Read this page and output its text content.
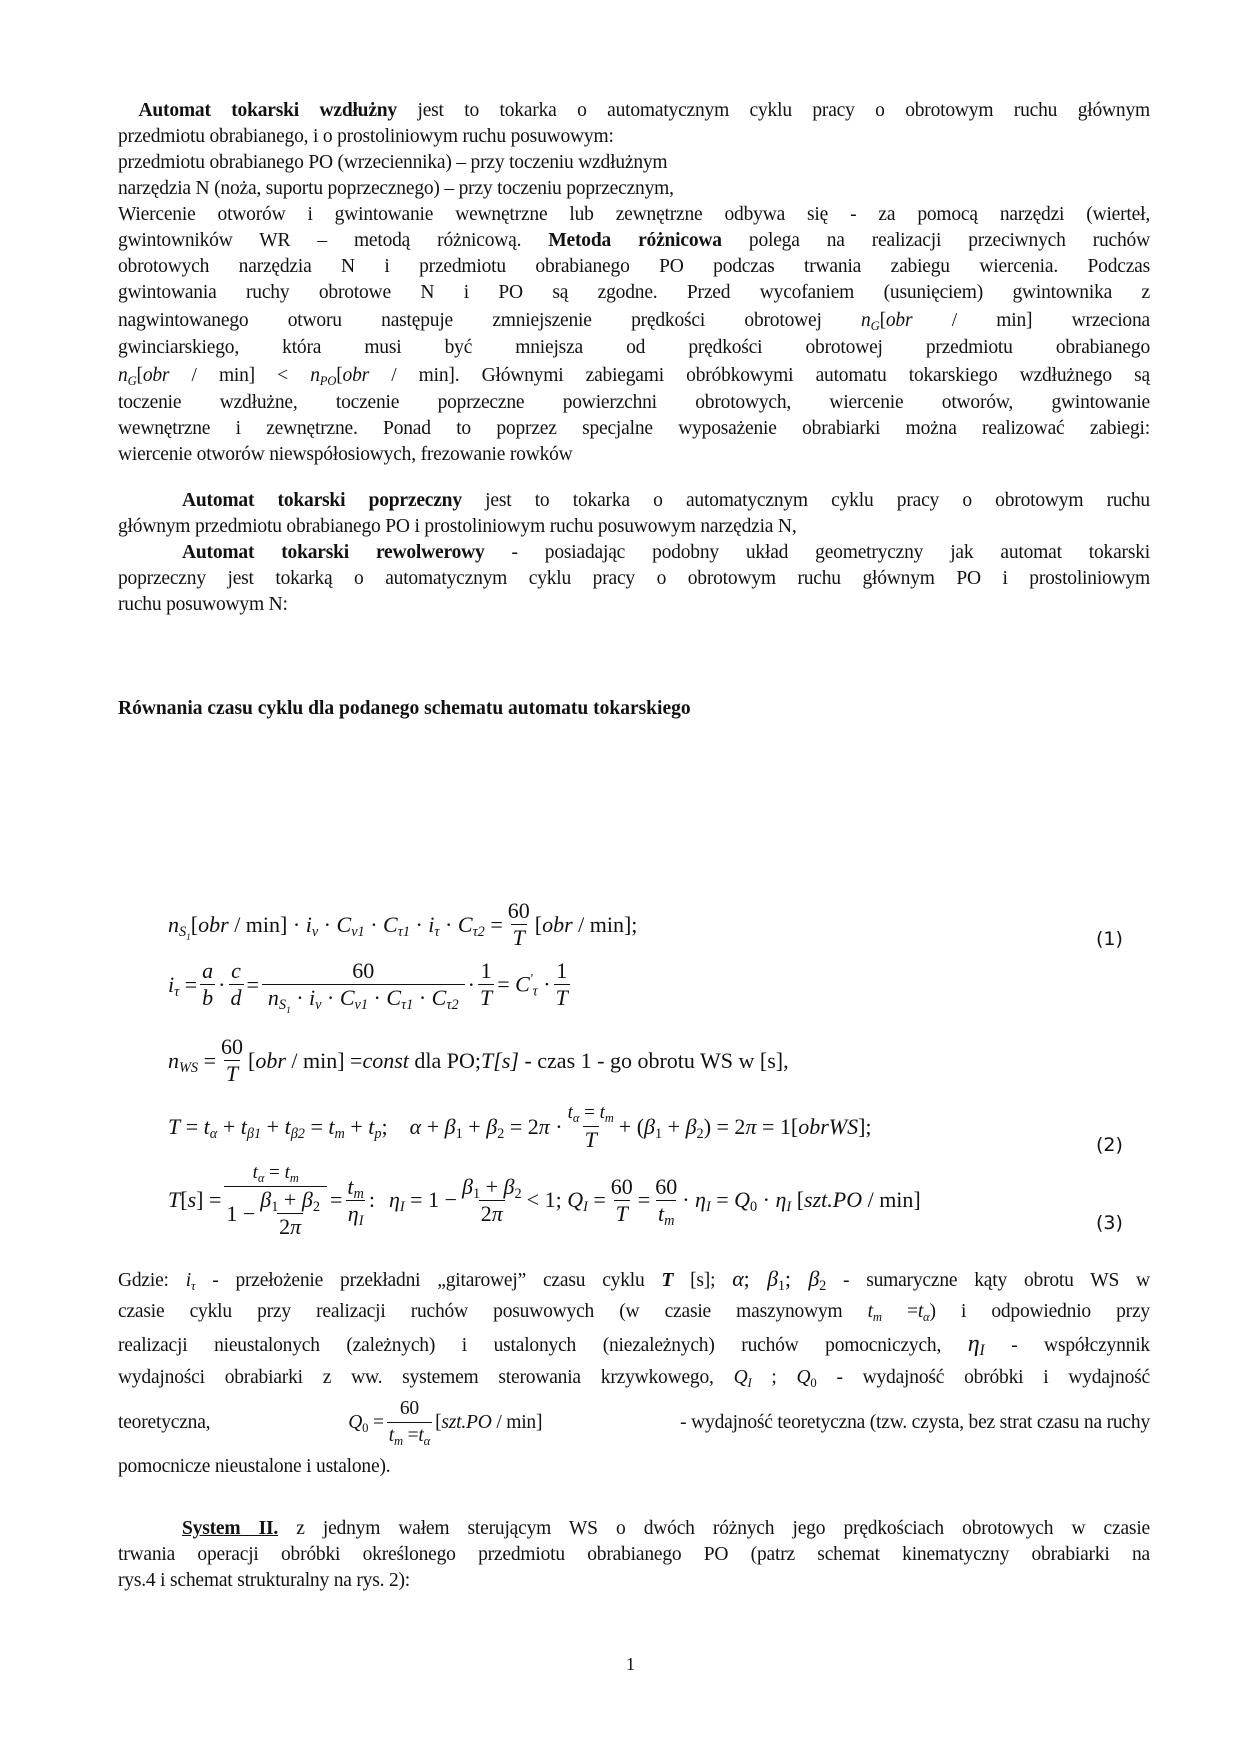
Automat tokarski wzdłużny jest to tokarka o automatycznym cyklu pracy o obrotowym ruchu głównym
przedmiotu obrabianego, i o prostoliniowym ruchu posuwowym:
przedmiotu obrabianego PO (wrzeciennika) – przy toczeniu wzdłużnym
narzędzia N (noża, suportu poprzecznego) – przy toczeniu poprzecznym,
Wiercenie otworów i gwintowanie wewnętrzne lub zewnętrzne odbywa się - za pomocą narzędzi (wierteł,
gwintowników WR – metodą różnicową. Metoda różnicowa polega na realizacji przeciwnych ruchów
obrotowych narzędzia N i przedmiotu obrabianego PO podczas trwania zabiegu wiercenia. Podczas
gwintowania ruchy obrotowe N i PO są zgodne. Przed wycofaniem (usunięciem) gwintownika z
nagwintowanego otworu następuje zmniejszenie prędkości obrotowej $n_G[obr / \min]$ wrzeciona
gwinciarskiego, która musi być mniejsza od prędkości obrotowej przedmiotu obrabianego
$n_G[obr / \min] < n_{PO}[obr / \min]$. Głównymi zabiegami obróbkowymi automatu tokarskiego wzdłużnego są
toczenie wzdłużne, toczenie poprzeczne powierzchni obrotowych, wiercenie otworów, gwintowanie
wewnętrzne i zewnętrzne. Ponad to poprzez specjalne wyposażenie obrabiarki można realizować zabiegi:
wiercenie otworów niewspółosiowych, frezowanie rowków
Automat tokarski poprzeczny jest to tokarka o automatycznym cyklu pracy o obrotowym ruchu
głównym przedmiotu obrabianego PO i prostoliniowym ruchu posuwowym narzędzia N,
Automat tokarski rewolwerowy - posiadając podobny układ geometryczny jak automat tokarski
poprzeczny jest tokarką o automatycznym cyklu pracy o obrotowym ruchu głównym PO i prostoliniowym
ruchu posuwowym N:
Równania czasu cyklu dla podanego schematu automatu tokarskiego
$n_{S_1}[obr / \min] \cdot i_v \cdot C_{v1} \cdot C_{\tau 1} \cdot i_\tau \cdot C_{\tau 2} = \frac{60}{T} [obr / \min]$;
(1)
$i_\tau = \frac{a}{b} \cdot \frac{c}{d} = \frac{60}{n_{S_1} \cdot i_v \cdot C_{v1} \cdot C_{\tau 1} \cdot C_{\tau 2}} \cdot \frac{1}{T} = C'_\tau \cdot \frac{1}{T}$
$n_{WS} = \frac{60}{T} [obr / \min]$ = const
dla PO; T[s]
- czas 1 - go obrotu WS w [s],
$T = t_\alpha + t_{\beta 1} + t_{\beta 2} = t_m + t_p$; $\alpha + \beta_1 + \beta_2 = 2\pi \cdot \frac{t_\alpha = t_m}{T} + (\beta_1 + \beta_2) = 2\pi$ = 1[obrWS];
(2)
$T[s] = \frac{t_\alpha = t_m}{1 - \frac{\beta_1 + \beta_2}{2\pi}} = \frac{t_m}{\eta_I}$ : $\eta_I = 1 - \frac{\beta_1 + \beta_2}{2\pi} < 1$;
$Q_I = \frac{60}{T} = \frac{60}{t_m} \cdot \eta_I = Q_0 \cdot \eta_I$ [szt.PO / min]
(3)
Gdzie: $i_\tau$ - przełożenie przekładni „gitarowej” czasu cyklu T [s]; α; $\beta_1$; $\beta_2$ - sumaryczne kąty obrotu WS w
czasie cyklu przy realizacji ruchów posuwowych (w czasie maszynowym $t_m =t_\alpha$) i odpowiednio przy
realizacji nieustalonych (zależnych) i ustalonych (niezależnych) ruchów pomocniczych, $\eta_I$ - współczynnik
wydajności obrabiarki z ww. systemem sterowania krzywkowego, $Q_I$ ; $Q_0$ - wydajność obróbki i wydajność
teoretyczna,	$Q_0 = \frac{60}{t_m =t_\alpha} [szt.PO / \min]$	- wydajność teoretyczna (tzw. czysta, bez strat czasu na ruchy
pomocnicze nieustalone i ustalone).
System II. z jednym wałem sterującym WS o dwóch różnych jego prędkościach obrotowych w czasie
trwania operacji obróbki określonego przedmiotu obrabianego PO (patrz schemat kinematyczny obrabiarki na
rys.4 i schemat strukturalny na rys. 2):
1
